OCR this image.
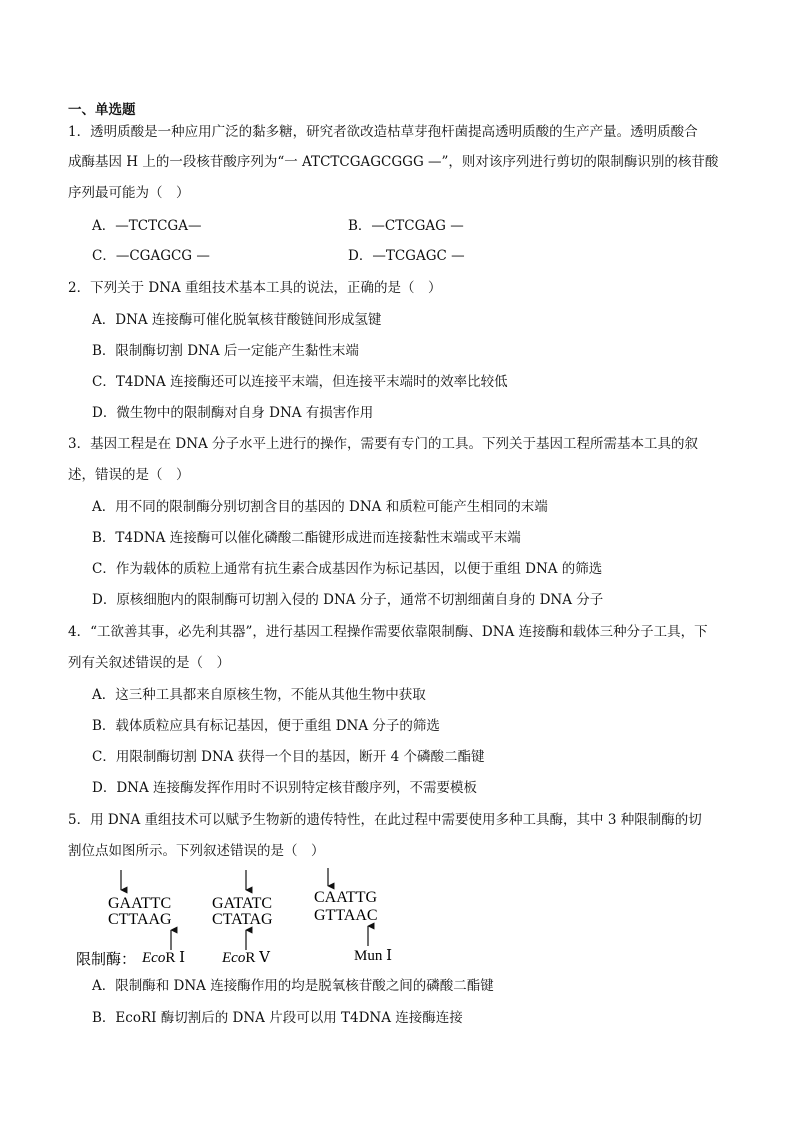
一、单选题
1．透明质酸是一种应用广泛的黏多糖，研究者欲改造枯草芽孢杆菌提高透明质酸的生产产量。透明质酸合
成酶基因 H 上的一段核苷酸序列为“一 ATCTCGAGCGGG —”，则对该序列进行剪切的限制酶识别的核苷酸
序列最可能为（　）
A．—TCTCGA—	B．—CTCGAG —
C．—CGAGCG —	D．—TCGAGC —
2．下列关于 DNA 重组技术基本工具的说法，正确的是（　）
A．DNA 连接酶可催化脱氧核苷酸链间形成氢键
B．限制酶切割 DNA 后一定能产生黏性末端
C．T4DNA 连接酶还可以连接平末端，但连接平末端时的效率比较低
D．微生物中的限制酶对自身 DNA 有损害作用
3．基因工程是在 DNA 分子水平上进行的操作，需要有专门的工具。下列关于基因工程所需基本工具的叙
述，错误的是（　）
A．用不同的限制酶分别切割含目的基因的 DNA 和质粒可能产生相同的末端
B．T4DNA 连接酶可以催化磷酸二酯键形成进而连接黏性末端或平末端
C．作为载体的质粒上通常有抗生素合成基因作为标记基因，以便于重组 DNA 的筛选
D．原核细胞内的限制酶可切割入侵的 DNA 分子，通常不切割细菌自身的 DNA 分子
4．“工欲善其事，必先利其器”，进行基因工程操作需要依靠限制酶、DNA 连接酶和载体三种分子工具，下
列有关叙述错误的是（　）
A．这三种工具都来自原核生物，不能从其他生物中获取
B．载体质粒应具有标记基因，便于重组 DNA 分子的筛选
C．用限制酶切割 DNA 获得一个目的基因，断开 4 个磷酸二酯键
D．DNA 连接酶发挥作用时不识别特定核苷酸序列，不需要模板
5．用 DNA 重组技术可以赋予生物新的遗传特性，在此过程中需要使用多种工具酶，其中 3 种限制酶的切
割位点如图所示。下列叙述错误的是（　）
GAATTC
CTTAAG
GATATC
CTATAG
CAATTG
GTTAAC
限制酶： EcoR Ⅰ EcoR Ⅴ	Mun Ⅰ
A．限制酶和 DNA 连接酶作用的均是脱氧核苷酸之间的磷酸二酯键
B．EcoRI 酶切割后的 DNA 片段可以用 T4DNA 连接酶连接
